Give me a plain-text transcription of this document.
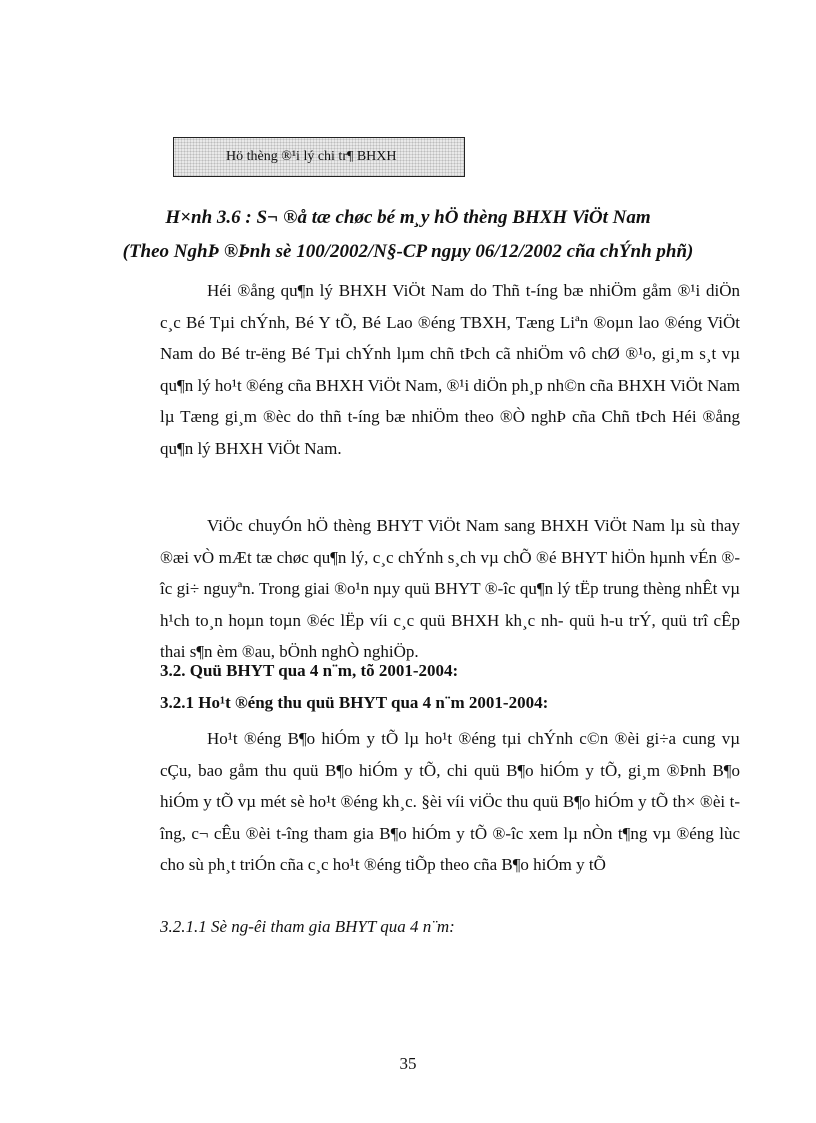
Hö thèng ®¹i lý chi tr¶ BHXH
H×nh 3.6 : S¬ ®å tæ chøc bé m¸y hÖ thèng BHXH ViÖt Nam
(Theo NghÞ ®Þnh sè 100/2002/N§-CP ngµy 06/12/2002 cña chÝnh phñ)

Héi ®ång qu¶n lý BHXH ViÖt Nam do Thñ t-íng bæ nhiÖm gåm ®¹i diÖn c¸c Bé Tµi chÝnh, Bé Y tÕ, Bé Lao ®éng TBXH, Tæng Liªn ®oµn lao ®éng ViÖt Nam do Bé tr-ëng Bé Tµi chÝnh lµm chñ tÞch cã nhiÖm vô chØ ®¹o, gi¸m s¸t vµ qu¶n lý ho¹t ®éng cña BHXH ViÖt Nam, ®¹i diÖn ph¸p nh©n cña BHXH ViÖt Nam lµ Tæng gi¸m ®èc do thñ t-íng bæ nhiÖm theo ®Ò nghÞ cña Chñ tÞch Héi ®ång qu¶n lý BHXH ViÖt Nam.

ViÖc chuyÓn hÖ thèng BHYT ViÖt Nam sang BHXH ViÖt Nam lµ sù thay ®æi vÒ mÆt tæ chøc qu¶n lý, c¸c chÝnh s¸ch vµ chÕ ®é BHYT hiÖn hµnh vÉn ®-îc gi÷ nguyªn. Trong giai ®o¹n nµy quü BHYT ®-îc qu¶n lý tËp trung thèng nhÊt vµ h¹ch to¸n hoµn toµn ®éc lËp víi c¸c quü BHXH kh¸c nh- quü h-u trÝ, quü trî cÊp thai s¶n èm ®au, bÖnh nghÒ nghiÖp.

3.2. Quü BHYT qua 4 n¨m, tõ 2001-2004:
3.2.1 Ho¹t ®éng thu quü BHYT qua 4 n¨m 2001-2004:

Ho¹t ®éng B¶o hiÓm y tÕ lµ ho¹t ®éng tµi chÝnh c©n ®èi gi÷a cung vµ cÇu, bao gåm thu quü B¶o hiÓm y tÕ, chi quü B¶o hiÓm y tÕ, gi¸m ®Þnh B¶o hiÓm y tÕ vµ mét sè ho¹t ®éng kh¸c. §èi víi viÖc thu quü B¶o hiÓm y tÕ th× ®èi t-îng, c¬ cÊu ®èi t-îng tham gia B¶o hiÓm y tÕ ®-îc xem lµ nÒn t¶ng vµ ®éng lùc cho sù ph¸t triÓn cña c¸c ho¹t ®éng tiÕp theo cña B¶o hiÓm y tÕ

3.2.1.1 Sè ng-êi tham gia BHYT qua 4 n¨m:
35
